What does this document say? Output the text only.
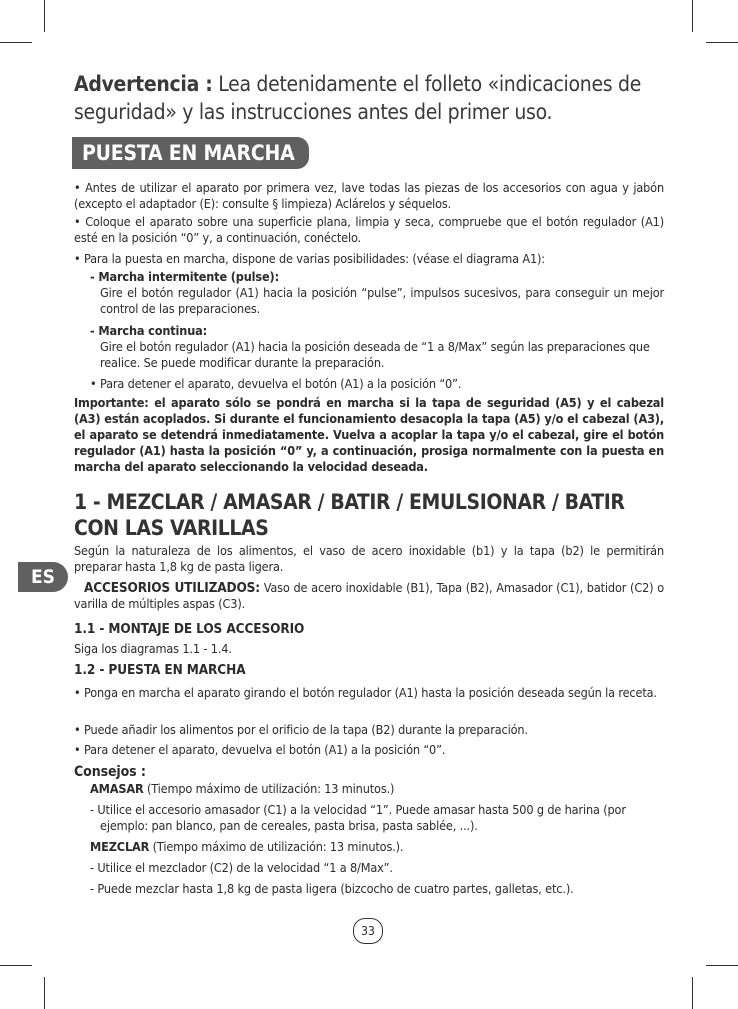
Advertencia : Lea detenidamente el folleto «indicaciones de seguridad» y las instrucciones antes del primer uso.
PUESTA EN MARCHA
• Antes de utilizar el aparato por primera vez, lave todas las piezas de los accesorios con agua y jabón (excepto el adaptador (E): consulte § limpieza) Aclárelos y séquelos.
• Coloque el aparato sobre una superficie plana, limpia y seca, compruebe que el botón regulador (A1) esté en la posición “0” y, a continuación, conéctelo.
• Para la puesta en marcha, dispone de varias posibilidades: (véase el diagrama A1):
- Marcha intermitente (pulse):
Gire el botón regulador (A1) hacia la posición “pulse”, impulsos sucesivos, para conseguir un mejor control de las preparaciones.
- Marcha continua:
Gire el botón regulador (A1) hacia la posición deseada de “1 a 8/Max” según las preparaciones que realice. Se puede modificar durante la preparación.
• Para detener el aparato, devuelva el botón (A1) a la posición “0”.
Importante: el aparato sólo se pondrá en marcha si la tapa de seguridad (A5) y el cabezal (A3) están acoplados. Si durante el funcionamiento desacopla la tapa (A5) y/o el cabezal (A3), el aparato se detendrá inmediatamente. Vuelva a acoplar la tapa y/o el cabezal, gire el botón regulador (A1) hasta la posición “0” y, a continuación, prosiga normalmente con la puesta en marcha del aparato seleccionando la velocidad deseada.
1 - MEZCLAR / AMASAR / BATIR / EMULSIONAR / BATIR CON LAS VARILLAS
Según la naturaleza de los alimentos, el vaso de acero inoxidable (b1) y la tapa (b2) le permitirán preparar hasta 1,8 kg de pasta ligera.
ES	ACCESORIOS UTILIZADOS: Vaso de acero inoxidable (B1), Tapa (B2), Amasador (C1), batidor (C2) o varilla de múltiples aspas (C3).
1.1 - MONTAJE DE LOS ACCESORIO
Siga los diagramas 1.1 - 1.4.
1.2 - PUESTA EN MARCHA
• Ponga en marcha el aparato girando el botón regulador (A1) hasta la posición deseada según la receta.
• Puede añadir los alimentos por el orificio de la tapa (B2) durante la preparación.
• Para detener el aparato, devuelva el botón (A1) a la posición “0”.
Consejos :
AMASAR (Tiempo máximo de utilización: 13 minutos.)
- Utilice el accesorio amasador (C1) a la velocidad “1”. Puede amasar hasta 500 g de harina (por ejemplo: pan blanco, pan de cereales, pasta brisa, pasta sablée, ...).
MEZCLAR (Tiempo máximo de utilización: 13 minutos.).
- Utilice el mezclador (C2) de la velocidad “1 a 8/Max”.
- Puede mezclar hasta 1,8 kg de pasta ligera (bizcocho de cuatro partes, galletas, etc.).
33
